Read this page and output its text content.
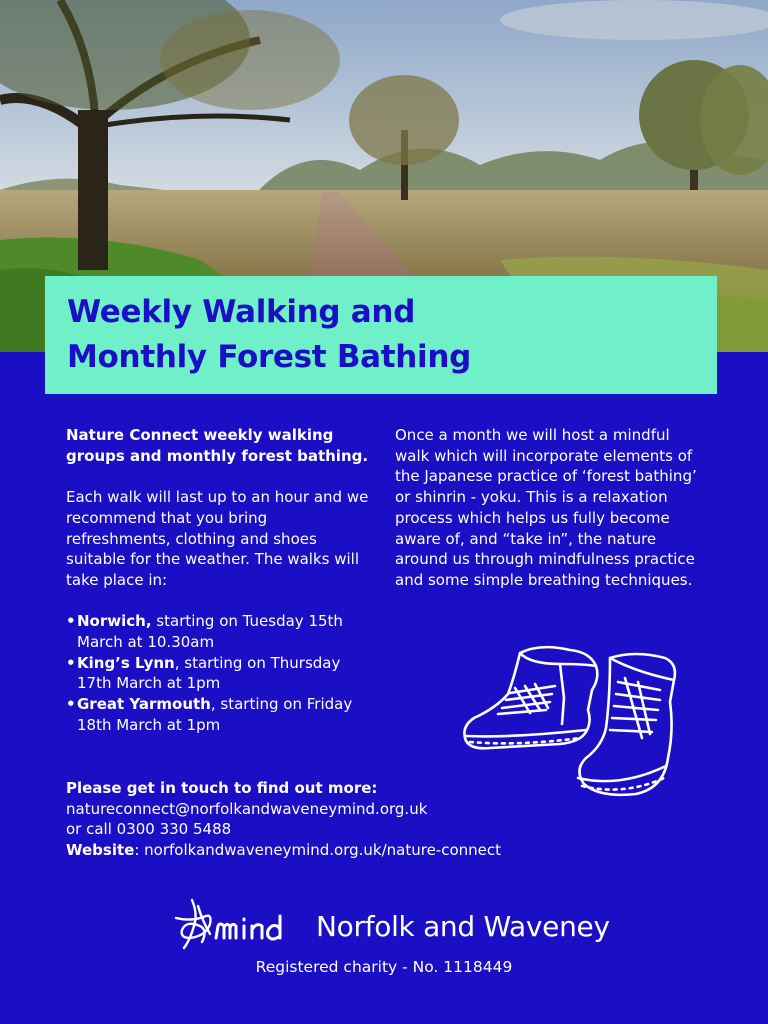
Weekly Walking and
Monthly Forest Bathing

Nature Connect weekly walking groups and monthly forest bathing.

Each walk will last up to an hour and we recommend that you bring refreshments, clothing and shoes suitable for the weather. The walks will take place in:

• Norwich, starting on Tuesday 15th March at 10.30am
• King’s Lynn, starting on Thursday 17th March at 1pm
• Great Yarmouth, starting on Friday 18th March at 1pm

Once a month we will host a mindful walk which will incorporate elements of the Japanese practice of ‘forest bathing’ or shinrin - yoku. This is a relaxation process which helps us fully become aware of, and “take in”, the nature around us through mindfulness practice and some simple breathing techniques.

Please get in touch to find out more:

natureconnect@norfolkandwaveneymind.org.uk

or call 0300 330 5488

Website: norfolkandwaveneymind.org.uk/nature-connect

Norfolk and Waveney

Registered charity - No. 1118449
